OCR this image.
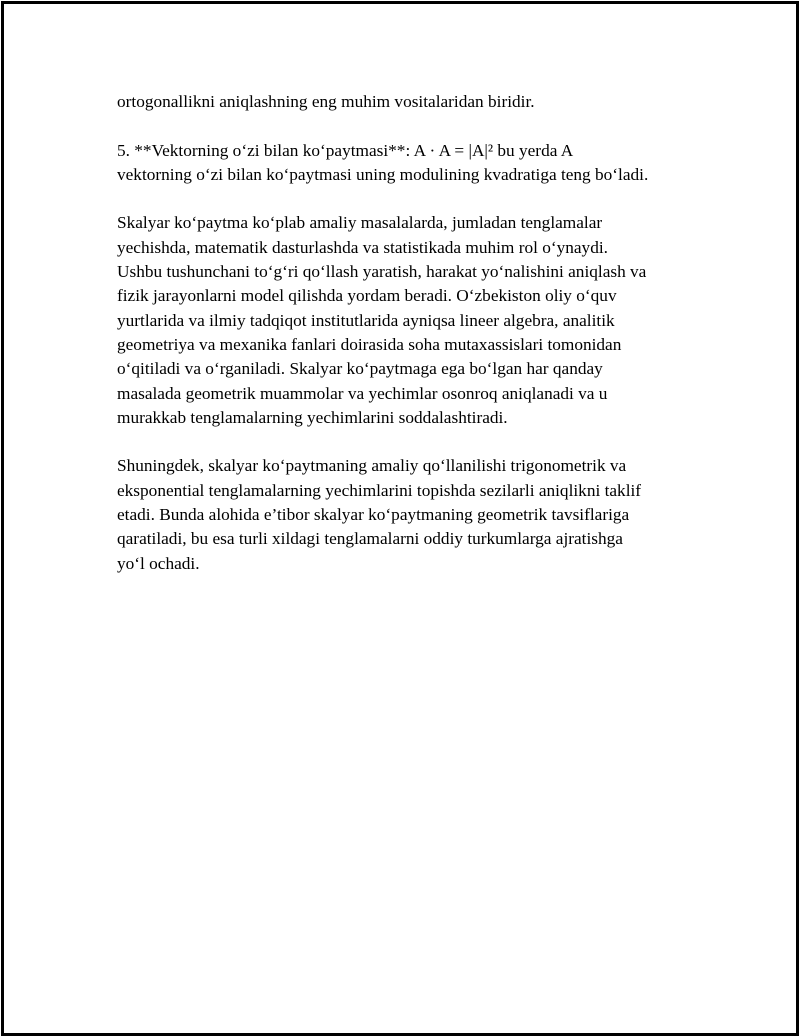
ortogonallikni aniqlashning eng muhim vositalaridan biridir.

5. **Vektorning o‘zi bilan ko‘paytmasi**: A · A = |A|² bu yerda A
vektorning o‘zi bilan ko‘paytmasi uning modulining kvadratiga teng bo‘ladi.

Skalyar ko‘paytma ko‘plab amaliy masalalarda, jumladan tenglamalar
yechishda, matematik dasturlashda va statistikada muhim rol o‘ynaydi.
Ushbu tushunchani to‘g‘ri qo‘llash yaratish, harakat yo‘nalishini aniqlash va
fizik jarayonlarni model qilishda yordam beradi. O‘zbekiston oliy o‘quv
yurtlarida va ilmiy tadqiqot institutlarida ayniqsa lineer algebra, analitik
geometriya va mexanika fanlari doirasida soha mutaxassislari tomonidan
o‘qitiladi va o‘rganiladi. Skalyar ko‘paytmaga ega bo‘lgan har qanday
masalada geometrik muammolar va yechimlar osonroq aniqlanadi va u
murakkab tenglamalarning yechimlarini soddalashtiradi.

Shuningdek, skalyar ko‘paytmaning amaliy qo‘llanilishi trigonometrik va
eksponential tenglamalarning yechimlarini topishda sezilarli aniqlikni taklif
etadi. Bunda alohida e’tibor skalyar ko‘paytmaning geometrik tavsiflariga
qaratiladi, bu esa turli xildagi tenglamalarni oddiy turkumlarga ajratishga
yo‘l ochadi.
